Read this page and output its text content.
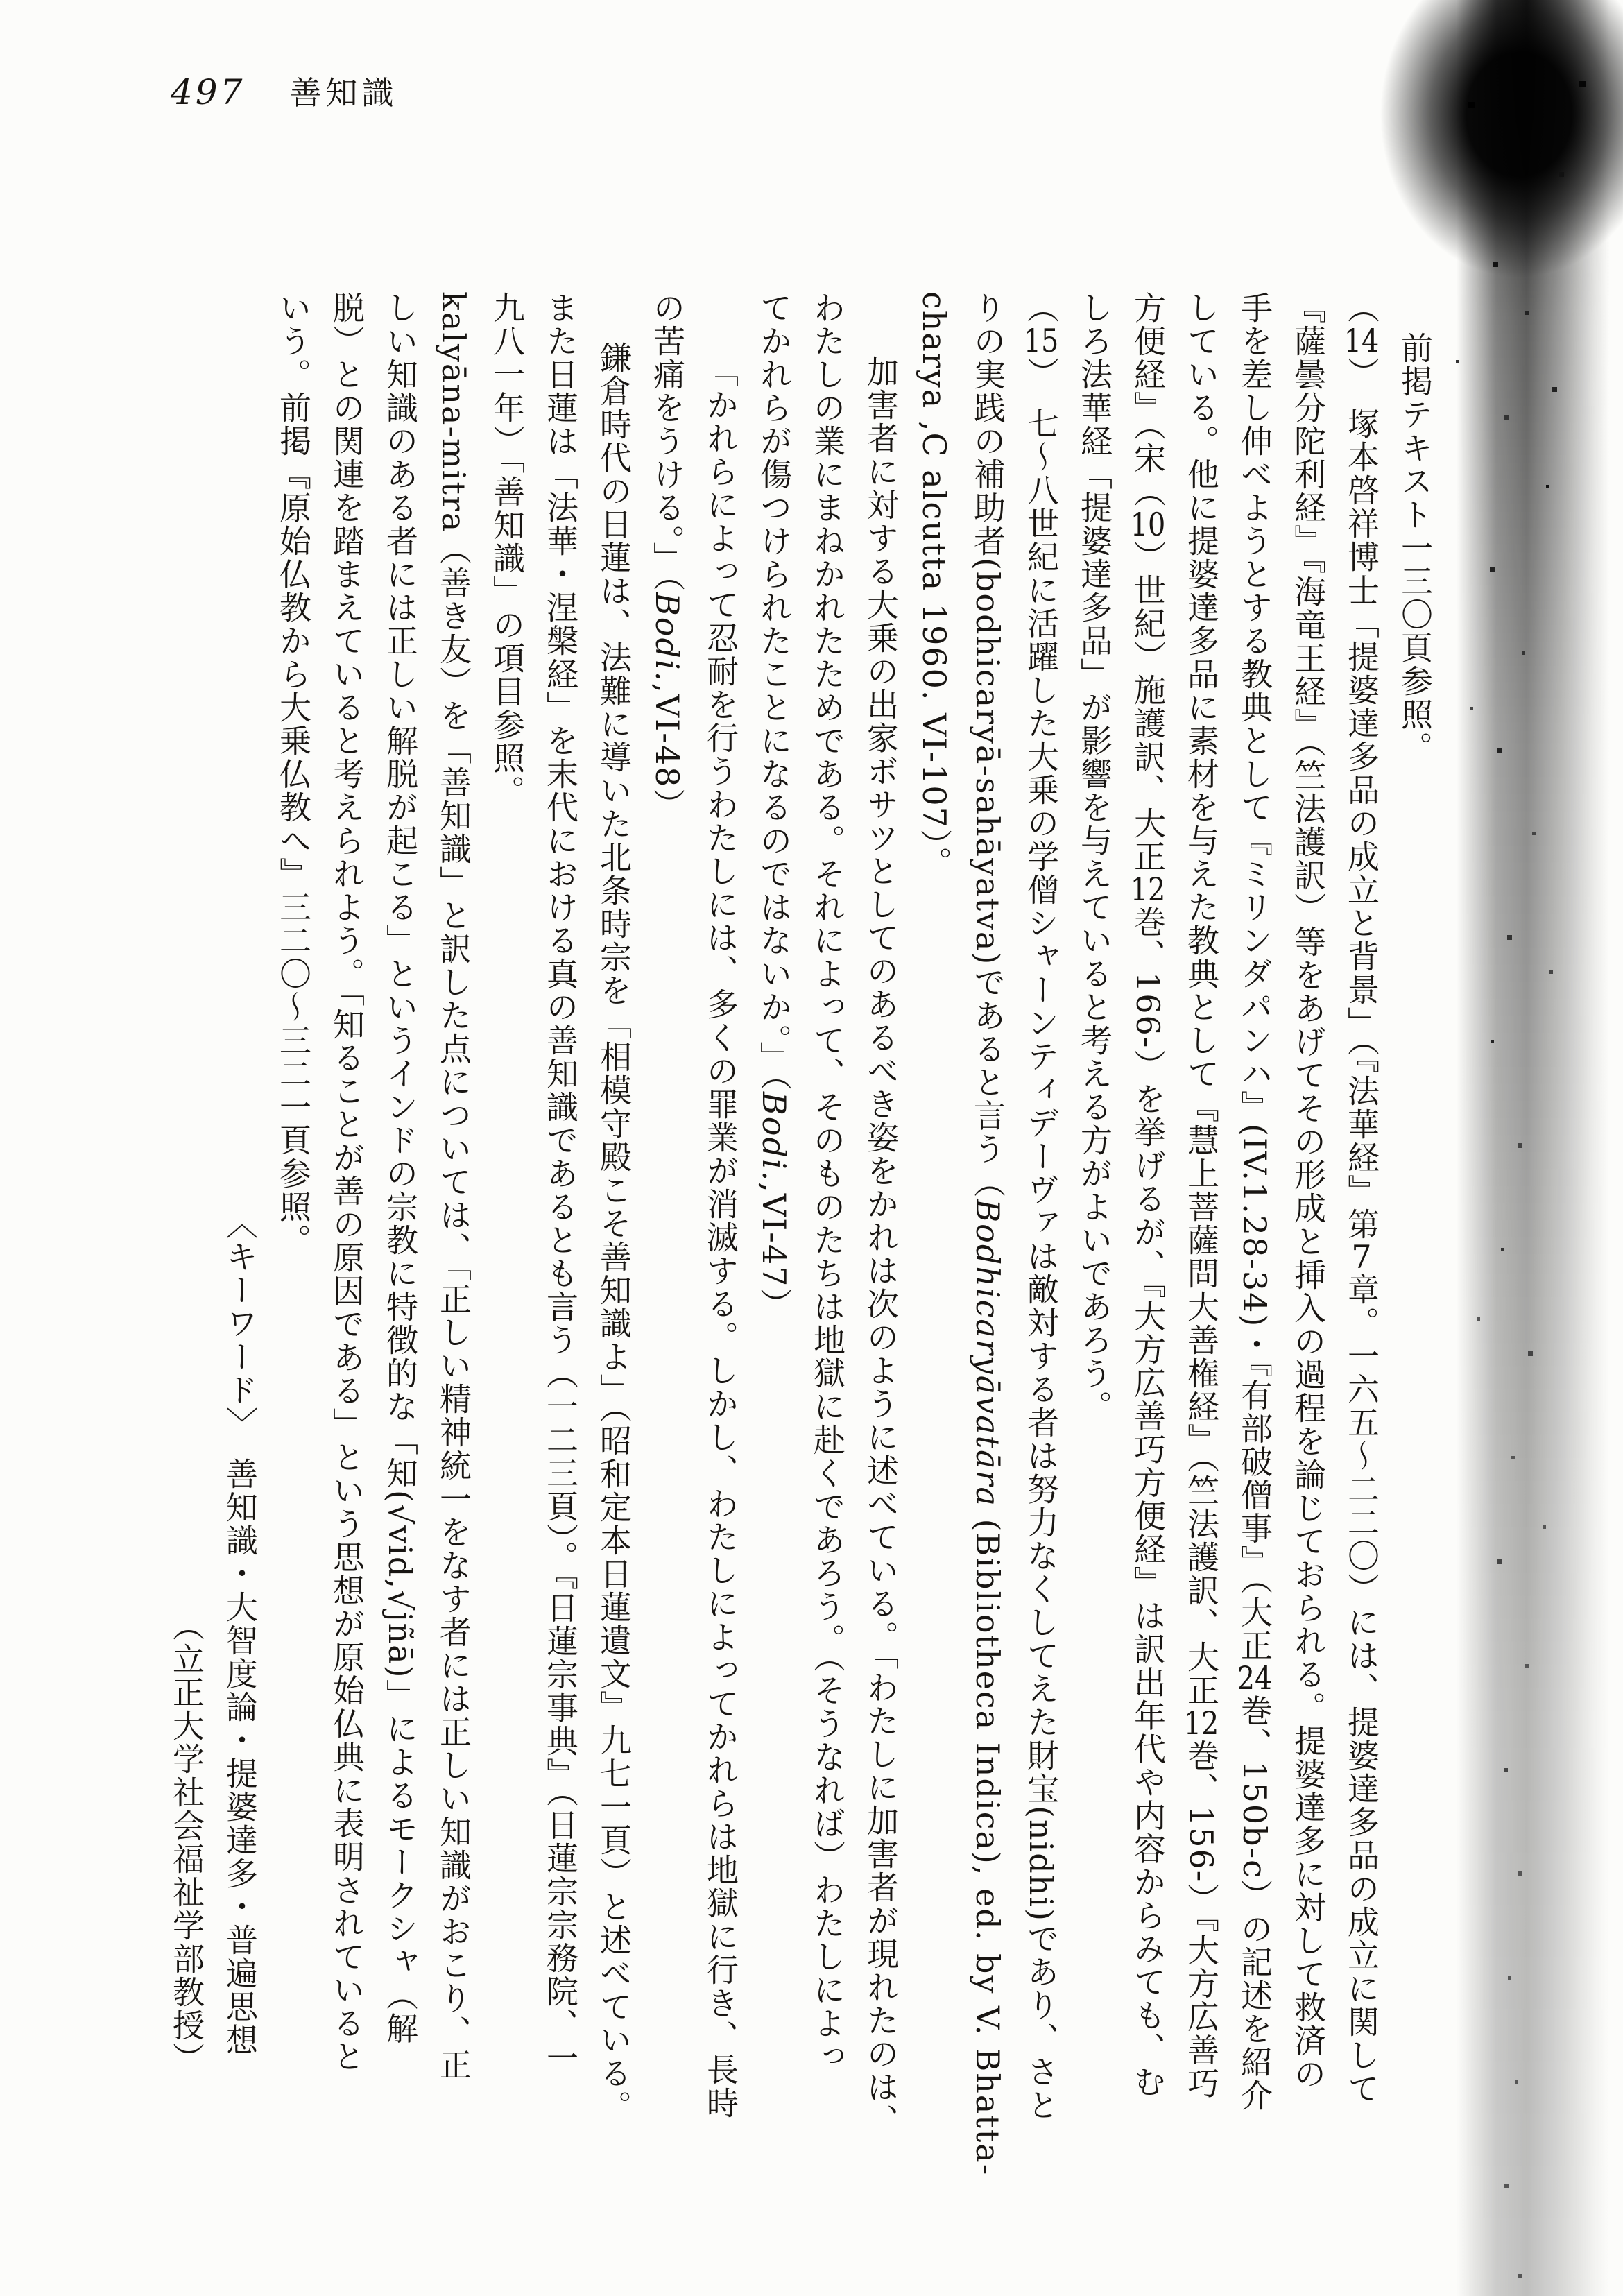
497 善知識
前掲テキスト一三〇頁参照。
（14）　塚本啓祥博士「提婆達多品の成立と背景」（『法華経』第7章。一六五～二二〇）には、提婆達多品の成立に関して
『薩曇分陀利経』『海竜王経』（竺法護訳）等をあげてその形成と挿入の過程を論じておられる。提婆達多に対して救済の
手を差し伸べようとする教典として『ミリンダパンハ』(IV.1.28-34)・『有部破僧事』（大正24巻、150b-c）の記述を紹介
している。他に提婆達多品に素材を与えた教典として『慧上菩薩問大善権経』（竺法護訳、大正12巻、156-）『大方広善巧
方便経』（宋（10）世紀）施護訳、大正12巻、166-）を挙げるが、『大方広善巧方便経』は訳出年代や内容からみても、む
しろ法華経「提婆達多品」が影響を与えていると考える方がよいであろう。
（15）　七～八世紀に活躍した大乗の学僧シャーンティデーヴァは敵対する者は努力なくしてえた財宝(nidhi)であり、さと
りの実践の補助者(bodhicaryā-sahāyatva)であると言う（Bodhicaryāvatāra (Bibliotheca Indica), ed. by V. Bhatta-
charya ,C alcutta 1960. VI-107）。
加害者に対する大乗の出家ボサツとしてのあるべき姿をかれは次のように述べている。「わたしに加害者が現れたのは、
わたしの業にまねかれたためである。それによって、そのものたちは地獄に赴くであろう。（そうなれば）わたしによっ
てかれらが傷つけられたことになるのではないか。」（Bodi.,VI-47）
「かれらによって忍耐を行うわたしには、多くの罪業が消滅する。しかし、わたしによってかれらは地獄に行き、長時
の苦痛をうける。」（Bodi.,VI-48）
鎌倉時代の日蓮は、法難に導いた北条時宗を「相模守殿こそ善知識よ」（昭和定本日蓮遺文』九七一頁）と述べている。
また日蓮は「法華・涅槃経」を末代における真の善知識であるとも言う（一二三頁）。『日蓮宗事典』（日蓮宗宗務院、一
九八一年）「善知識」の項目参照。
kalyāna-mitra（善き友）を「善知識」と訳した点については、「正しい精神統一をなす者には正しい知識がおこり、正
しい知識のある者には正しい解脱が起こる」というインドの宗教に特徴的な「知(√vid,√jñā)」によるモークシャ（解
脱）との関連を踏まえていると考えられよう。「知ることが善の原因である」という思想が原始仏典に表明されていると
いう。前掲『原始仏教から大乗仏教へ』三二〇～三二一頁参照。
〈キーワード〉　善知識・大智度論・提婆達多・普遍思想
（立正大学社会福祉学部教授）
